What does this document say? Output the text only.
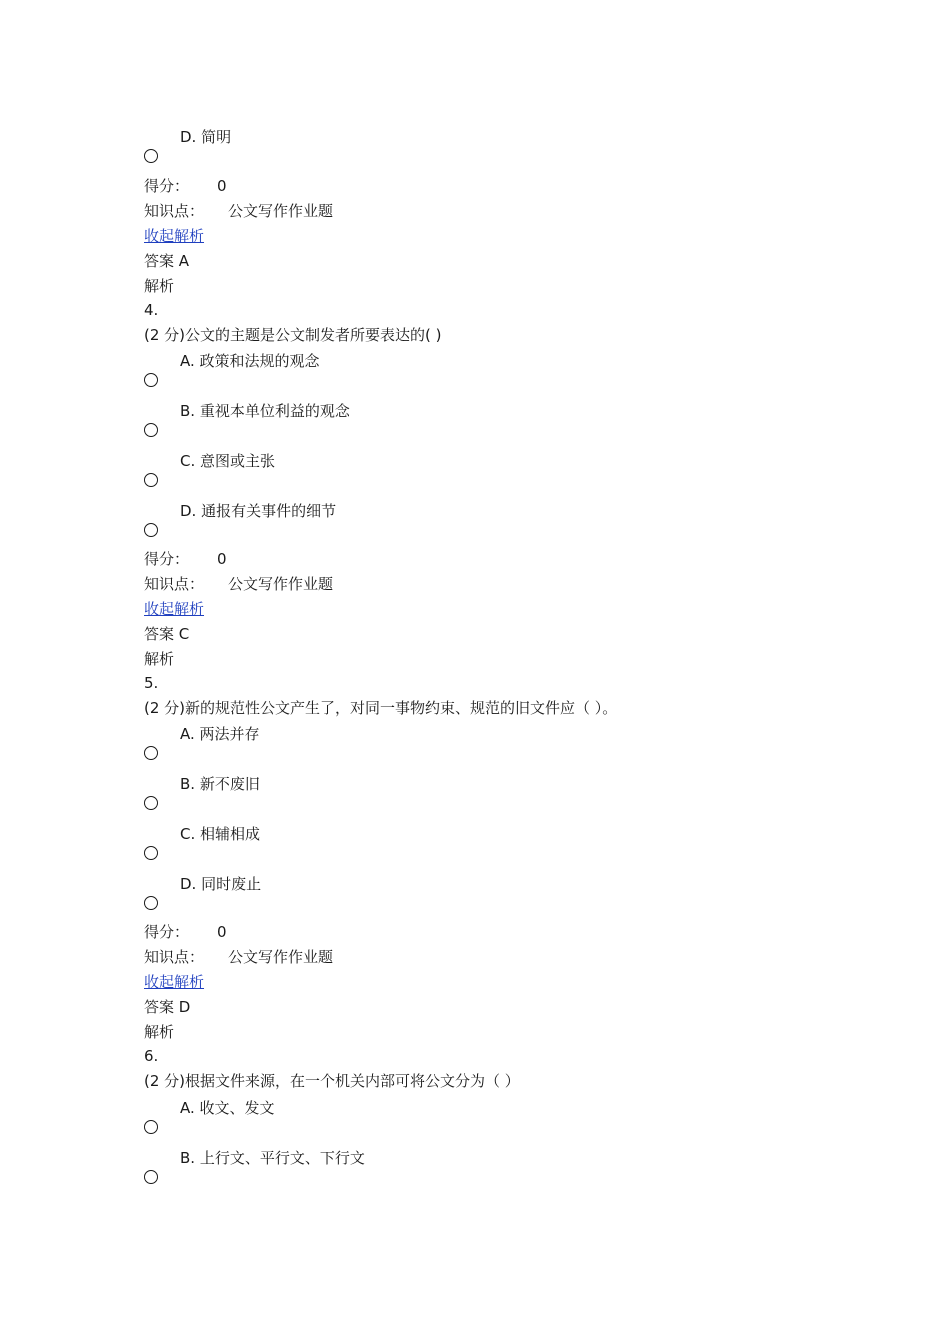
D. 简明
得分： 0
知识点： 公文写作作业题
收起解析
答案 A
解析
4.
(2 分)公文的主题是公文制发者所要表达的( )
A. 政策和法规的观念
B. 重视本单位利益的观念
C. 意图或主张
D. 通报有关事件的细节
得分： 0
知识点： 公文写作作业题
收起解析
答案 C
解析
5.
(2 分)新的规范性公文产生了，对同一事物约束、规范的旧文件应（ ）。
A. 两法并存
B. 新不废旧
C. 相辅相成
D. 同时废止
得分： 0
知识点： 公文写作作业题
收起解析
答案 D
解析
6.
(2 分)根据文件来源，在一个机关内部可将公文分为（ ）
A. 收文、发文
B. 上行文、平行文、下行文
